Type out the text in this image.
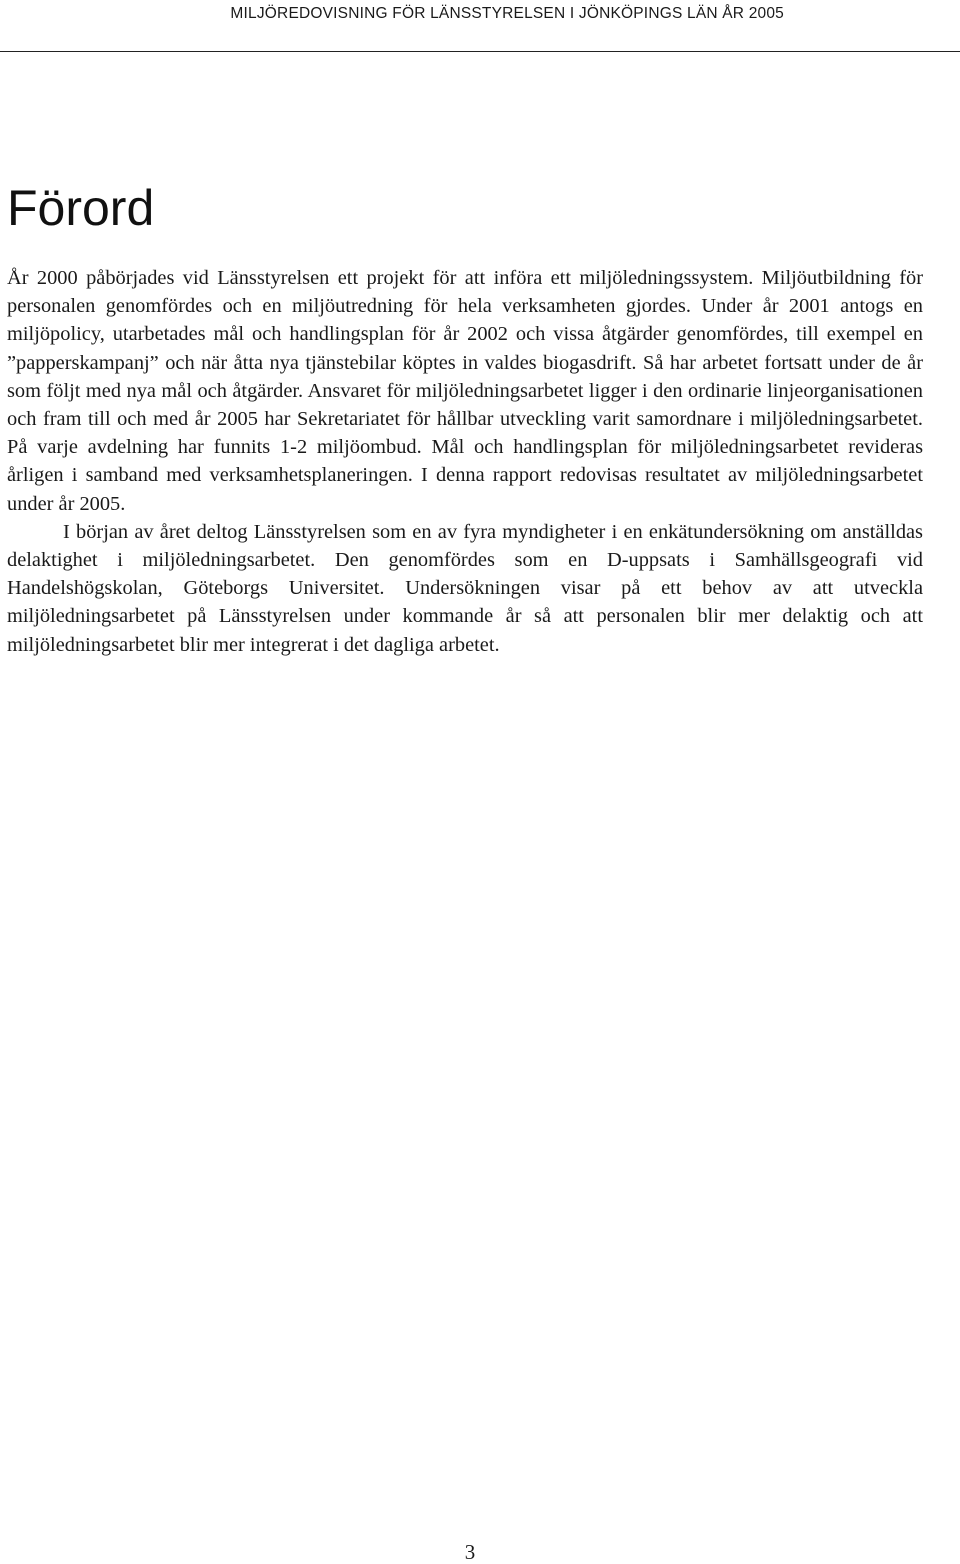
MILJÖREDOVISNING FÖR LÄNSSTYRELSEN I JÖNKÖPINGS LÄN ÅR 2005
Förord

År 2000 påbörjades vid Länsstyrelsen ett projekt för att införa ett miljöledningssystem. Miljöutbildning för personalen genomfördes och en miljöutredning för hela verksamheten gjordes. Under år 2001 antogs en miljöpolicy, utarbetades mål och handlingsplan för år 2002 och vissa åtgärder genomfördes, till exempel en ”papperskampanj” och när åtta nya tjänstebilar köptes in valdes biogasdrift. Så har arbetet fortsatt under de år som följt med nya mål och åtgärder. Ansvaret för miljöledningsarbetet ligger i den ordinarie linjeorganisationen och fram till och med år 2005 har Sekretariatet för hållbar utveckling varit samordnare i miljöledningsarbetet. På varje avdelning har funnits 1-2 miljöombud. Mål och handlingsplan för miljöledningsarbetet revideras årligen i samband med verksamhetsplaneringen. I denna rapport redovisas resultatet av miljöledningsarbetet under år 2005.

I början av året deltog Länsstyrelsen som en av fyra myndigheter i en enkätundersökning om anställdas delaktighet i miljöledningsarbetet. Den genomfördes som en D-uppsats i Samhällsgeografi vid Handelshögskolan, Göteborgs Universitet. Undersökningen visar på ett behov av att utveckla miljöledningsarbetet på Länsstyrelsen under kommande år så att personalen blir mer delaktig och att miljöledningsarbetet blir mer integrerat i det dagliga arbetet.

3
